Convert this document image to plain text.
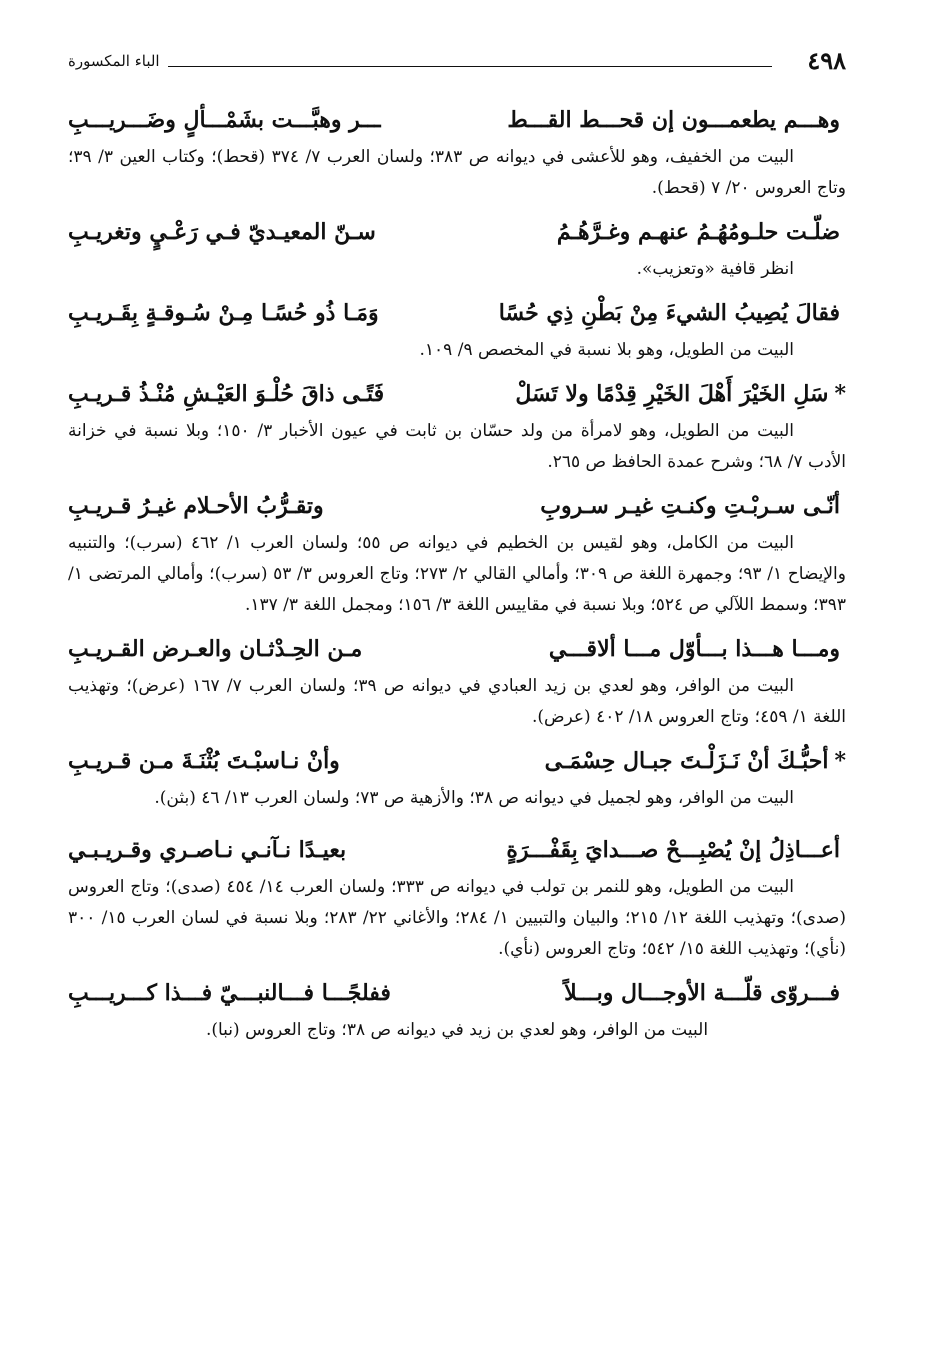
٤٩٨
الباء المكسورة
وهـــم يطعمـــون إن قحـــط القـــط
ـــر وهبَّـــت بشَمْـــألٍ وضَـــريـــبِ

البيت من الخفيف، وهو للأعشى في ديوانه ص ٣٨٣؛ ولسان العرب ٧/ ٣٧٤ (قحط)؛ وكتاب العين ٣/ ٣٩؛ وتاج العروس ٢٠/ ٧ (قحط).

ضلّـت حلـومُهُـمُ عنهـم وغـرَّهُـمُ
سـنّ المعيـديّ فـي رَعْـيٍ وتغريـبِ

انظر قافية «وتعزيب».

فقالَ يُصِيبُ الشيءَ مِنْ بَطْنِ ذِي حُسًا
وَمَـا ذُو حُسًـا مِـنْ سُـوقـةٍ بِقَـريـبِ

البيت من الطويل، وهو بلا نسبة في المخصص ٩/ ١٠٩.

*سَلِ الخَيْرَ أَهْلَ الخَيْرِ قِدْمًا ولا تَسَلْ
فَتًـى ذاقَ حُلْـوَ العَيْـشِ مُنْـذُ قـريـبِ

البيت من الطويل، وهو لامرأة من ولد حسّان بن ثابت في عيون الأخبار ٣/ ١٥٠؛ وبلا نسبة في خزانة الأدب ٧/ ٦٨؛ وشرح عمدة الحافظ ص ٢٦٥.

أنّـى سـربْـتِ وكنـتِ غيـر سـروبِ
وتقـرُّبُ الأحـلام غيـرُ قـريـبِ

البيت من الكامل، وهو لقيس بن الخطيم في ديوانه ص ٥٥؛ ولسان العرب ١/ ٤٦٢ (سرب)؛ والتنبيه والإيضاح ١/ ٩٣؛ وجمهرة اللغة ص ٣٠٩؛ وأمالي القالي ٢/ ٢٧٣؛ وتاج العروس ٣/ ٥٣ (سرب)؛ وأمالي المرتضى ١/ ٣٩٣؛ وسمط اللآلي ص ٥٢٤؛ وبلا نسبة في مقاييس اللغة ٣/ ١٥٦؛ ومجمل اللغة ٣/ ١٣٧.

ومـــا هـــذا بـــأوّل مـــا ألاقـــي
مـن الحِـدْثـان والعـرض القـريـبِ

البيت من الوافر، وهو لعدي بن زيد العبادي في ديوانه ص ٣٩؛ ولسان العرب ٧/ ١٦٧ (عرض)؛ وتهذيب اللغة ١/ ٤٥٩؛ وتاج العروس ١٨/ ٤٠٢ (عرض).

*أحبُّـكَ أنْ نَـزَلْـتَ جبـال حِسْمَـى
وأنْ نـاسبْـتَ بُثْنَـةَ مـن قـريـبِ

البيت من الوافر، وهو لجميل في ديوانه ص ٣٨؛ والأزهية ص ٧٣؛ ولسان العرب ١٣/ ٤٦ (بثن).

أعـــاذِلُ إنْ يُصْبِـــحْ صـــدايَ بِقَفْـــرَةٍ
بعيـدًا نـآنـي نـاصـري وقـريـبـي

البيت من الطويل، وهو للنمر بن تولب في ديوانه ص ٣٣٣؛ ولسان العرب ١٤/ ٤٥٤ (صدى)؛ وتاج العروس (صدى)؛ وتهذيب اللغة ١٢/ ٢١٥؛ والبيان والتبيين ١/ ٢٨٤؛ والأغاني ٢٢/ ٢٨٣؛ وبلا نسبة في لسان العرب ١٥/ ٣٠٠ (نأي)؛ وتهذيب اللغة ١٥/ ٥٤٢؛ وتاج العروس (نأي).

فـــروّى قلّـــة الأوجـــال وبـــلاً
ففلجًـــا فـــالنبـــيّ فـــذا كـــريـــبِ

البيت من الوافر، وهو لعدي بن زيد في ديوانه ص ٣٨؛ وتاج العروس (نبا).
